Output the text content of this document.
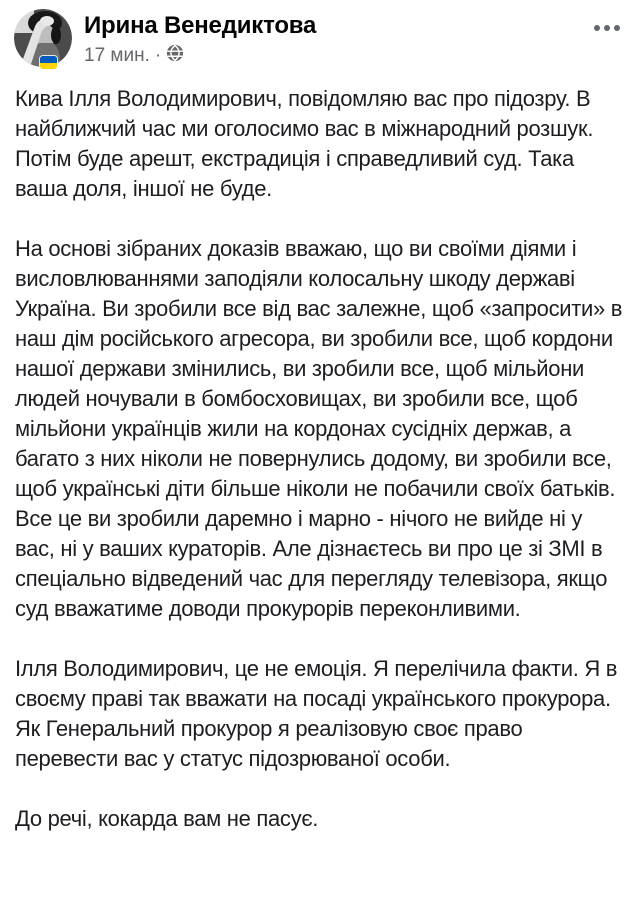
Ирина Венедиктова
17 мин. ·

Кива Ілля Володимирович, повідомляю вас про підозру. В найближчий час ми оголосимо вас в міжнародний розшук. Потім буде арешт, екстрадиція і справедливий суд. Така ваша доля, іншої не буде.

На основі зібраних доказів вважаю, що ви своїми діями і висловлюваннями заподіяли колосальну шкоду державі Україна. Ви зробили все від вас залежне, щоб «запросити» в наш дім російського агресора, ви зробили все, щоб кордони нашої держави змінились, ви зробили все, щоб мільйони людей ночували в бомбосховищах, ви зробили все, щоб мільйони українців жили на кордонах сусідніх держав, а багато з них ніколи не повернулись додому, ви зробили все, щоб українські діти більше ніколи не побачили своїх батьків. Все це ви зробили даремно і марно - нічого не вийде ні у вас, ні у ваших кураторів. Але дізнаєтесь ви про це зі ЗМІ в спеціально відведений час для перегляду телевізора, якщо суд вважатиме доводи прокурорів переконливими.

Ілля Володимирович, це не емоція. Я перелічила факти. Я в своєму праві так вважати на посаді українського прокурора. Як Генеральний прокурор я реалізовую своє право перевести вас у статус підозрюваної особи.

До речі, кокарда вам не пасує.
